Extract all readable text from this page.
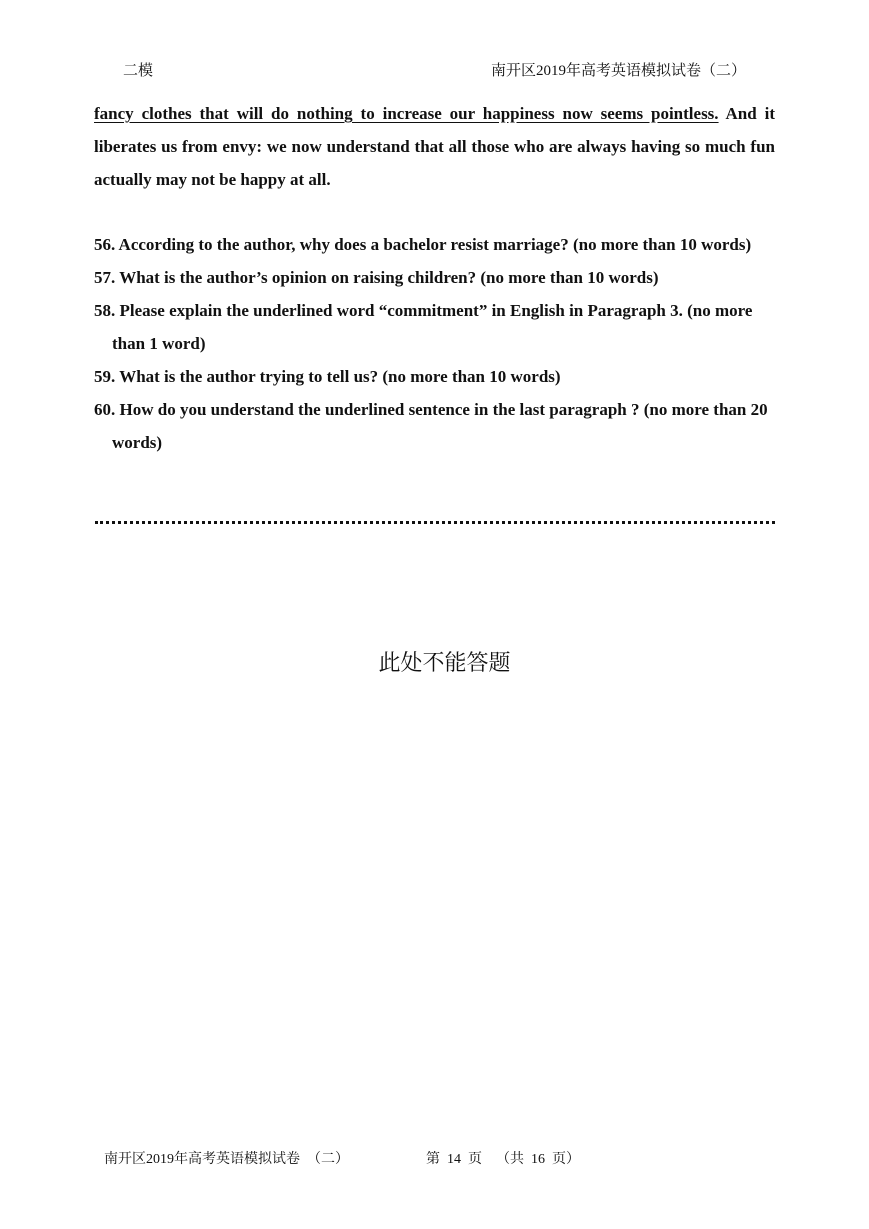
二模	南开区2019年高考英语模拟试卷（二）
fancy clothes that will do nothing to increase our happiness now seems pointless. And it liberates us from envy: we now understand that all those who are always having so much fun actually may not be happy at all.
56. According to the author, why does a bachelor resist marriage? (no more than 10 words)
57. What is the author’s opinion on raising children? (no more than 10 words)
58. Please explain the underlined word “commitment” in English in Paragraph 3. (no more than 1 word)
59. What is the author trying to tell us? (no more than 10 words)
60. How do you understand the underlined sentence in the last paragraph ? (no more than 20 words)
此处不能答题
南开区2019年高考英语模拟试卷  （二）	第  14  页    （共  16  页）
